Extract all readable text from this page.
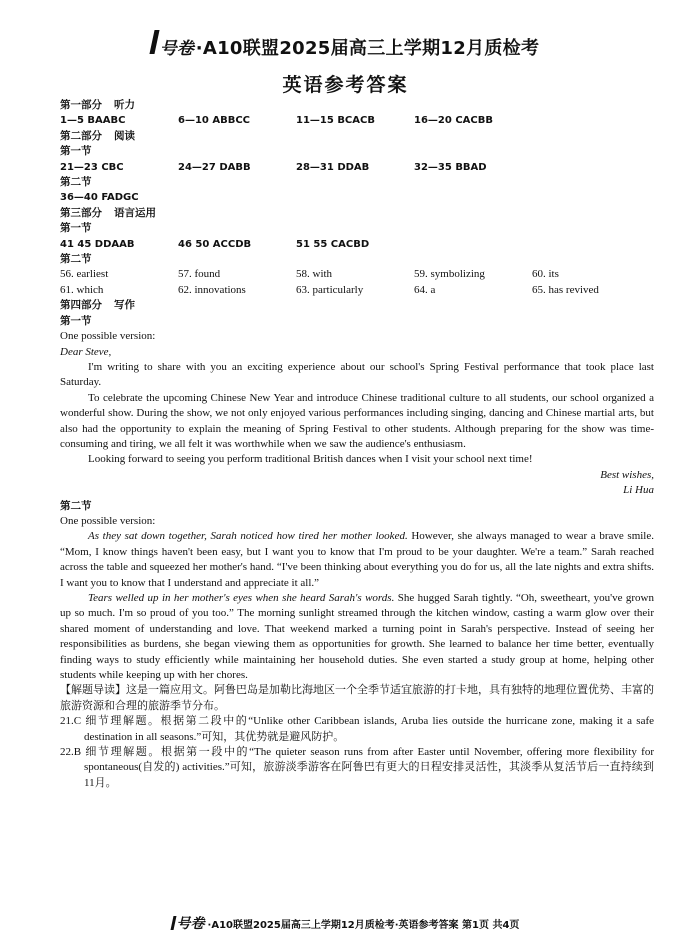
号卷 ·A10联盟2025届高三上学期12月质检考
英语参考答案
第一部分 听力
1—5 BAABC	6—10 ABBCC	11—15 BCACB	16—20 CACBB
第二部分 阅读
第一节
21—23 CBC	24—27 DABB	28—31 DDAB	32—35 BBAD
第二节
36—40 FADGC
第三部分 语言运用
第一节
41 45 DDAAB	46 50 ACCDB	51 55 CACBD
第二节
56. earliest	57. found	58. with	59. symbolizing	60. its
61. which	62. innovations	63. particularly	64. a	65. has revived
第四部分 写作
第一节
One possible version:
Dear Steve,
I'm writing to share with you an exciting experience about our school's Spring Festival performance that took place last Saturday.
To celebrate the upcoming Chinese New Year and introduce Chinese traditional culture to all students, our school organized a wonderful show. During the show, we not only enjoyed various performances including singing, dancing and Chinese martial arts, but also had the opportunity to explain the meaning of Spring Festival to other students. Although preparing for the show was time-consuming and tiring, we all felt it was worthwhile when we saw the audience's enthusiasm.
Looking forward to seeing you perform traditional British dances when I visit your school next time!
Best wishes,
Li Hua
第二节
One possible version:
As they sat down together, Sarah noticed how tired her mother looked. However, she always managed to wear a brave smile. “Mom, I know things haven't been easy, but I want you to know that I'm proud to be your daughter. We're a team.” Sarah reached across the table and squeezed her mother's hand. “I've been thinking about everything you do for us, all the late nights and extra shifts. I want you to know that I understand and appreciate it all.”
Tears welled up in her mother's eyes when she heard Sarah's words. She hugged Sarah tightly. “Oh, sweetheart, you've grown up so much. I'm so proud of you too.” The morning sunlight streamed through the kitchen window, casting a warm glow over their shared moment of understanding and love. That weekend marked a turning point in Sarah's perspective. Instead of seeing her responsibilities as burdens, she began viewing them as opportunities for growth. She learned to balance her time better, eventually finding ways to study efficiently while maintaining her household duties. She even started a study group at home, helping other students while keeping up with her chores.
【解题导读】这是一篇应用文。阿鲁巴岛是加勒比海地区一个全季节适宜旅游的打卡地，具有独特的地理位置优势、丰富的旅游资源和合理的旅游季节分布。
21.C 细节理解题。根据第二段中的“Unlike other Caribbean islands, Aruba lies outside the hurricane zone, making it a safe destination in all seasons.”可知，其优势就是避风防护。
22.B 细节理解题。根据第一段中的“The quieter season runs from after Easter until November, offering more flexibility for spontaneous(自发的) activities.”可知，旅游淡季游客在阿鲁巴有更大的日程安排灵活性，其淡季从复活节后一直持续到11月。
号卷 ·A10联盟2025届高三上学期12月质检考·英语参考答案 第1页 共4页
